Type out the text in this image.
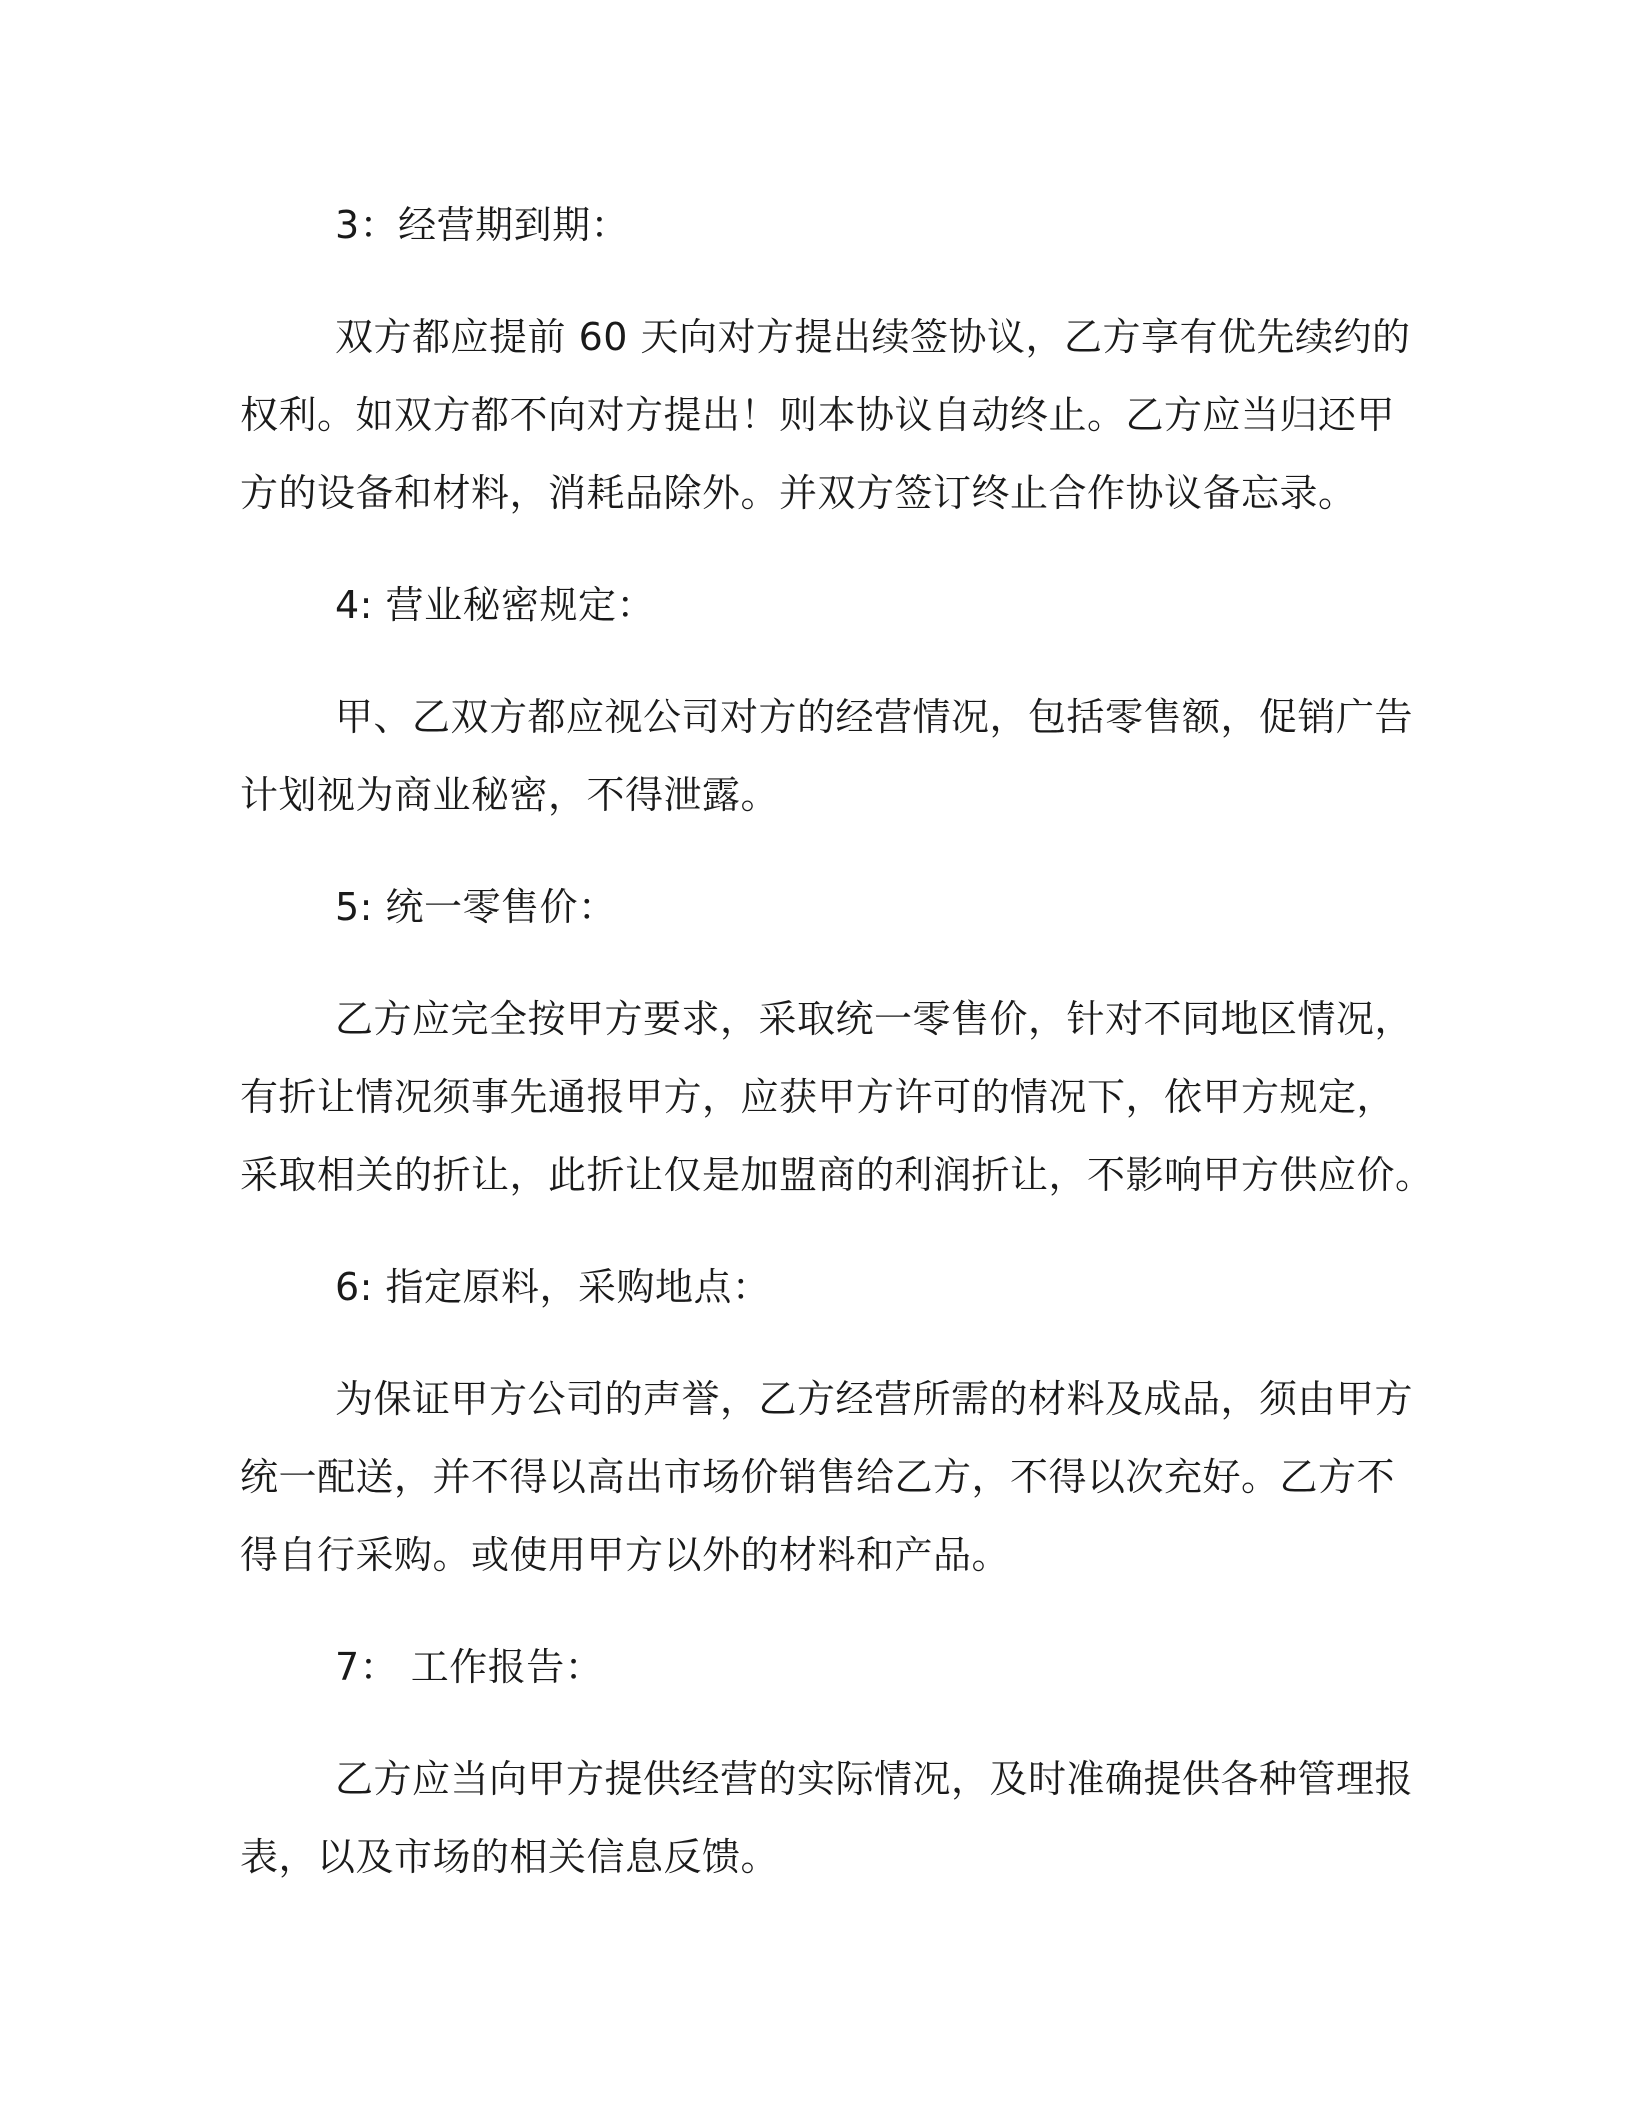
3：经营期到期：
双方都应提前 60 天向对方提出续签协议，乙方享有优先续约的
权利。如双方都不向对方提出！则本协议自动终止。乙方应当归还甲
方的设备和材料，消耗品除外。并双方签订终止合作协议备忘录。
4: 营业秘密规定：
甲、乙双方都应视公司对方的经营情况，包括零售额，促销广告
计划视为商业秘密，不得泄露。
5: 统一零售价：
乙方应完全按甲方要求，采取统一零售价，针对不同地区情况，
有折让情况须事先通报甲方，应获甲方许可的情况下，依甲方规定，
采取相关的折让，此折让仅是加盟商的利润折让，不影响甲方供应价。
6: 指定原料，采购地点：
为保证甲方公司的声誉，乙方经营所需的材料及成品，须由甲方
统一配送，并不得以高出市场价销售给乙方，不得以次充好。乙方不
得自行采购。或使用甲方以外的材料和产品。
7： 工作报告：
乙方应当向甲方提供经营的实际情况，及时准确提供各种管理报
表，以及市场的相关信息反馈。
